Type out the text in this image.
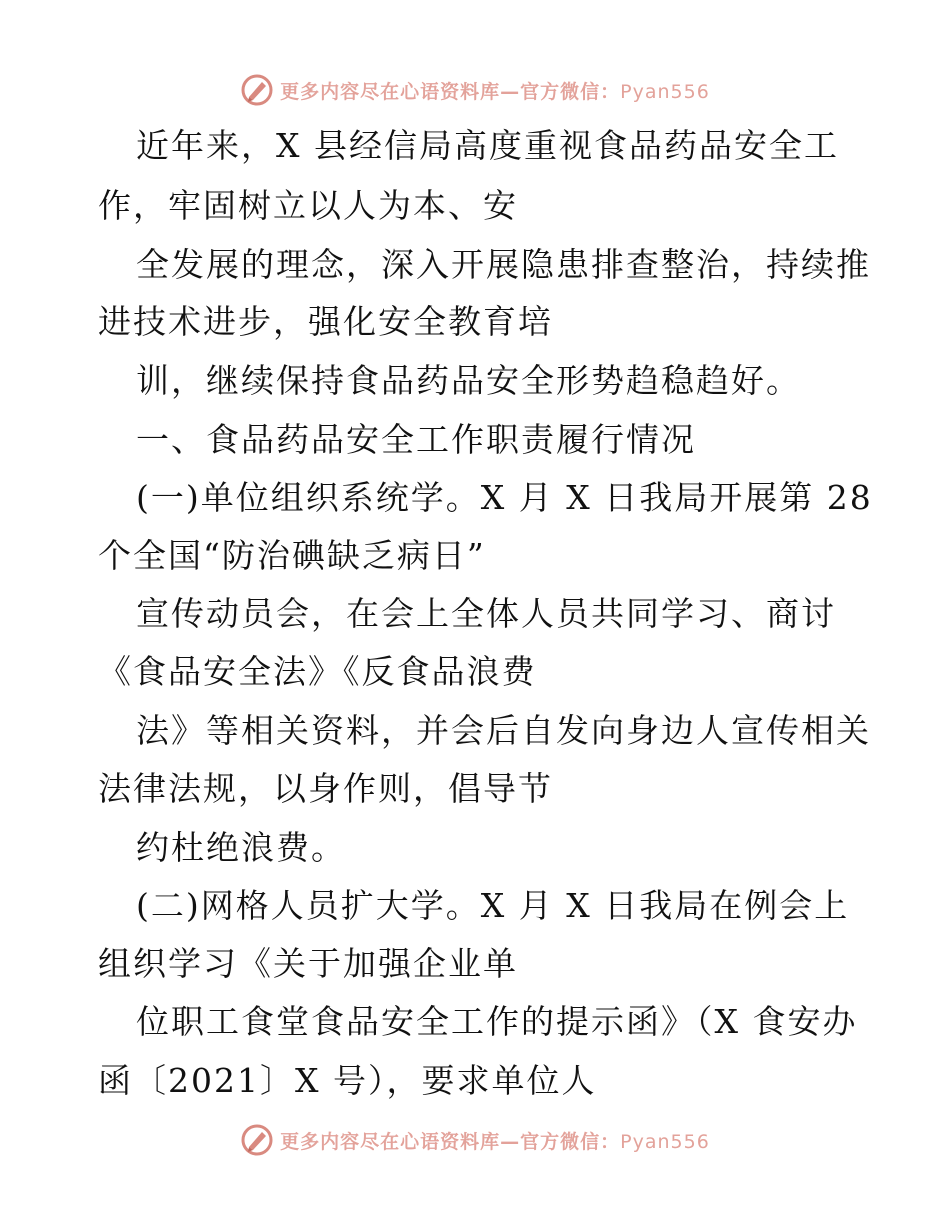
更多内容尽在心语资料库—官方微信：Pyan556
近年来，X 县经信局高度重视食品药品安全工
作，牢固树立以人为本、安
全发展的理念，深入开展隐患排查整治，持续推
进技术进步，强化安全教育培
训，继续保持食品药品安全形势趋稳趋好。
一、食品药品安全工作职责履行情况
(一)单位组织系统学。X 月 X 日我局开展第 28
个全国“防治碘缺乏病日”
宣传动员会，在会上全体人员共同学习、商讨
《食品安全法》《反食品浪费
法》等相关资料，并会后自发向身边人宣传相关
法律法规，以身作则，倡导节
约杜绝浪费。
(二)网格人员扩大学。X 月 X 日我局在例会上
组织学习《关于加强企业单
位职工食堂食品安全工作的提示函》（X 食安办
函〔2021〕X 号），要求单位人
更多内容尽在心语资料库—官方微信：Pyan556
